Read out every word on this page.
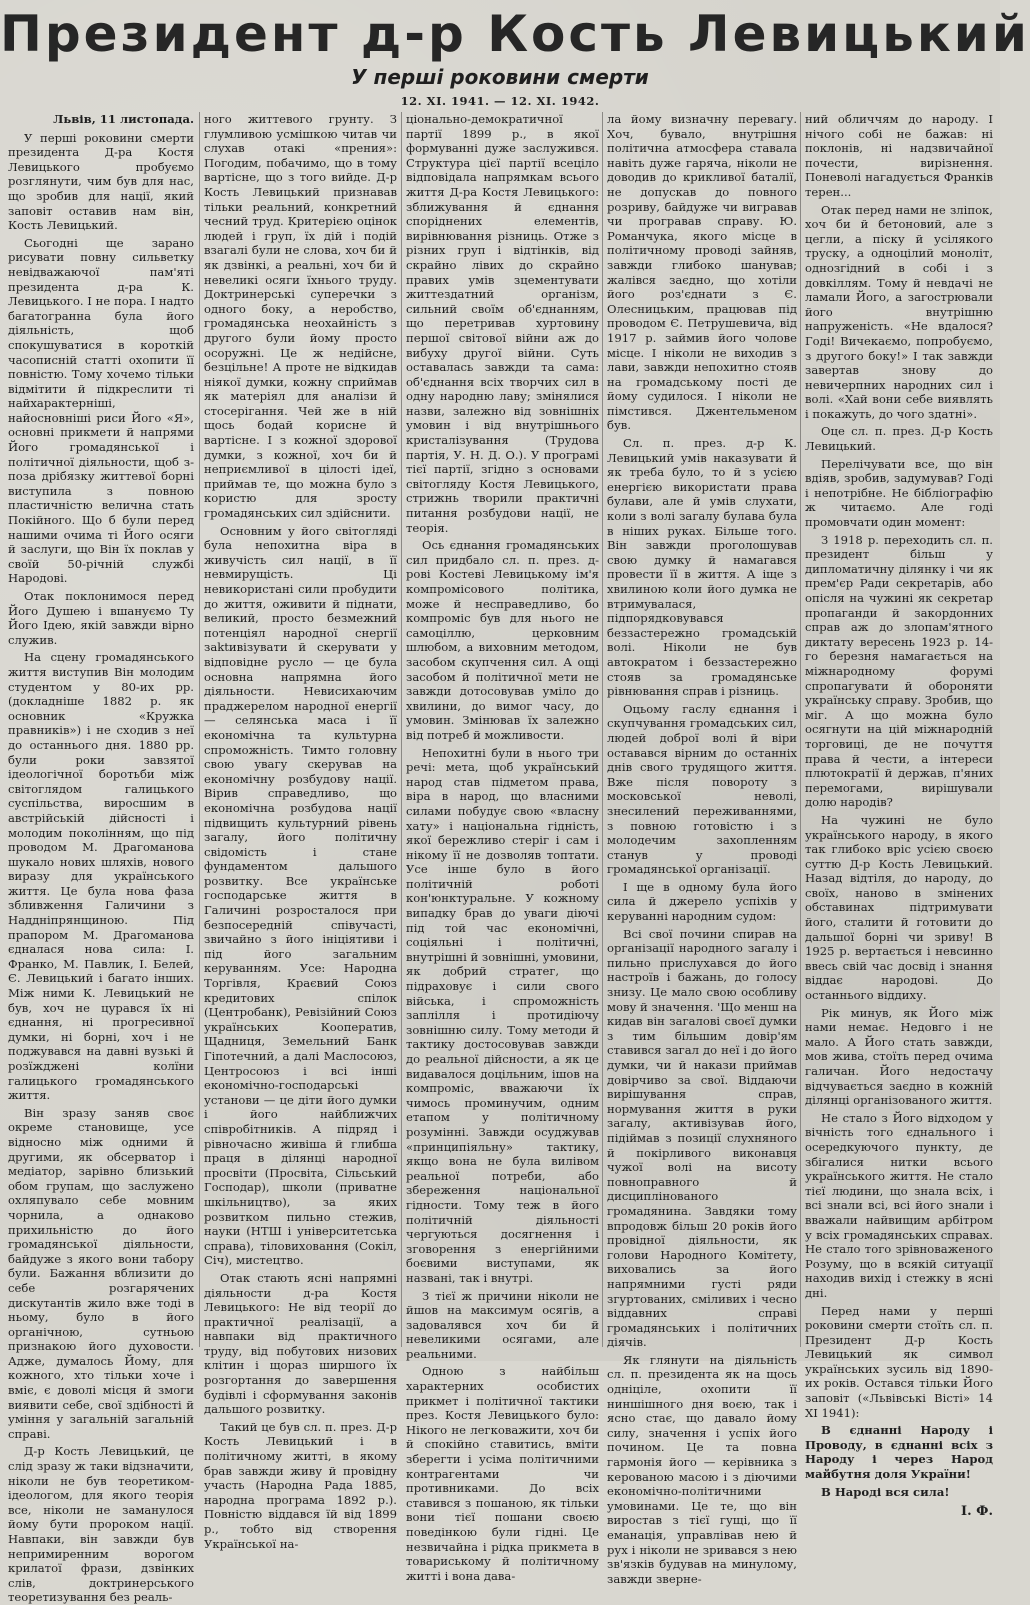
Президент д-р Кость Левицький
У перші роковини смерти
12. XI. 1941. — 12. XI. 1942.
Львів, 11 листопада.

У перші роковини смерти президента Д-ра Костя Левицького пробуємо розглянути, чим був для нас, що зробив для нації, який заповіт оставив нам він, Кость Левицький.

Сьогодні ще зарано рисувати повну сильветку невідважаючої пам'яті президента д-ра К. Левицького. І не пора. І надто багатогранна була його діяльність, щоб спокушуватися в короткій часописній статті охопити її повністю. Тому хочемо тільки відмітити й підкреслити ті найхарактерніші, найосновніші риси Його «Я», основні прикмети й напрями Його громадянської і політичної діяльности, щоб з-поза дрібязку життевої борні виступила з повною пластичністю велична стать Покійного. Що б були перед нашими очима ті Його осяги й заслуги, що Він їх поклав у своїй 50-річній службі Народові.

Отак поклонимося перед Його Душею і вшануємо Ту Його Ідею, якій завжди вірно служив.

На сцену громадянського життя виступив Він молодим студентом у 80-их рр. (докладніше 1882 р. як основник «Кружка правників») і не сходив з неї до останнього дня. 1880 рр. були роки завзятої ідеологічної боротьби між світоглядом галицького суспільства, виросшим в австрійській дійсності і молодим поколінням, що під проводом М. Драгоманова шукало нових шляхів, нового виразу для українського життя. Це була нова фаза збливження Галичини з Наддніпрянщиною. Під прапором М. Драгоманова єдналася нова сила: І. Франко, М. Павлик, І. Белей, Є. Левицький і багато інших. Між ними К. Левицький не був, хоч не цурався їх ні єднання, ні прогресивної думки, ні борні, хоч і не поджувався на давні вузькі й розїжджені колїни галицького громадянського життя.

Він зразу заняв своє окреме становище, усе відносно між одними й другими, як обсерватор і медіатор, зарівно близький обом групам, що заслужено охляпувало себе мовним чорнила, а однаково прихильністю до його громадянської діяльности, байдуже з якого вони табору були. Бажання вблизити до себе розгарячених дискутантів жило вже тоді в ньому, було в його органічною, сутньою признакою його духовости. Адже, думалось Йому, для кожного, хто тільки хоче і вміє, є доволі місця й змоги виявити себе, свої здібності й уміння у загальній загальній справі.

Д-р Кость Левицький, це слід зразу ж таки відзначити, ніколи не був теоретиком-ідеологом, для якого теорія все, ніколи не заманулося йому бути пророком нації. Навпаки, він завжди був непримиренним ворогом крилатої фрази, дзвінких слів, доктринерського теоретизування без реаль-

ного життевого грунту. З глумливою усмішкою читав чи слухав отакі «прения»: Погодим, побачимо, що в тому вартісне, що з того вийде. Д-р Кость Левицький признавав тільки реальний, конкретний чесний труд. Критерією оцінок людей і груп, їх дій і подій взагалі були не слова, хоч би й як дзвінкі, а реальні, хоч би й невеликі осяги їхнього труду. Доктринерські суперечки з одного боку, а неробство, громадянська неохайність з другого були йому просто осоружні. Це ж недійсне, безцільне! А проте не відкидав ніякої думки, кожну сприймав як матеріял для аналізи й стосерігання. Чей же в ній щось бодай корисне й вартісне. І з кожної здорової думки, з кожної, хоч би й неприємливої в цілості ідеї, приймав те, що можна було з користю для зросту громадянських сил здійснити.

Основним у його світогляді була непохитна віра в живучість сил нації, в її невмирущість. Ці невикористані сили пробудити до життя, оживити й піднати, великий, просто безмежний потенціял народної снергії заktивізувати й скерувати у відповідне русло — це була основна напрямна його діяльности. Невисихаючим праджерелом народної енергії — селянська маса і її економічна та культурна спроможність. Тимто головну свою увагу скерував на економічну розбудову нації. Вірив справедливо, що економічна розбудова нації підвищить культурний рівень загалу, його політичну свідомість і стане фундаментом дальшого розвитку. Все українське господарське життя в Галичині розросталося при безпосередній співучасті, звичайно з його ініціятиви і під його загальним керуванням. Усе: Народна Торгівля, Краєвий Союз кредитових спілок (Центробанк), Ревізійний Союз українських Кооператив, Щадниця, Земельний Банк Гіпотечний, а далі Маслосоюз, Центросоюз і всі інші економічно-господарські установи — це діти його думки і його найближчих співробітників. А підряд і рівночасно живіша й глибша праця в ділянці народної просвіти (Просвіта, Сільський Господар), школи (приватне шкільництво), за яких розвитком пильно стежив, науки (НТШ і університетська справа), тіловиховання (Сокіл, Січ), мистецтво.

Отак стають ясні напрямні діяльности д-ра Костя Левицького: Не від теорії до практичної реалізації, а навпаки від практичного труду, від побутових низових клітин і щораз ширшого їх розгортання до завершення будівлі і сформування законів дальшого розвитку.

Такий це був сл. п. през. Д-р Кость Левицький і в політичному житті, в якому брав завжди живу й провідну участь (Народна Рада 1885, народна програма 1892 р.). Повністю віддався їй від 1899 р., тобто від створення Української на-

ціонально-демократичної партії 1899 р., в якої формуванні дуже заслужився. Структура цієї партії всецілo відповідала напрямкам всього життя Д-ра Костя Левицького: зближування й єднання споріднених елементів, вирівнювання різниць. Отже з різних груп і відтінків, від скрайно лівих до скрайно правих умів зцементувати життездатний організм, сильний своїм об'єднанням, що перетривав хуртовину першої світової війни аж до вибуху другої війни. Суть оставалась завжди та сама: об'єднання всіх творчих сил в одну народню лаву; змінялися назви, залежно від зовнішніх умовин і від внутрішнього кристалізування (Трудова партія, У. Н. Д. О.). У програмі тієї партії, згідно з основами світогляду Костя Левицького, стрижнь творили практичні питання розбудови нації, не теорія.

Ось єднання громадянських сил придбало сл. п. през. д-рові Костеві Левицькому ім'я компромісового політика, може й несправедливо, бо компроміс був для нього не самоціллю, церковним шлюбом, а виховним методом, засобом скупчення сил. А ощі засобом й політичної мети не завжди дотосовував умілo до хвилини, до вимог часу, до умовин. Змінював їх залежно від потреб й можливости.

Непохитні були в нього три речі: мета, щоб український народ став підметом права, віра в народ, що власними силами побудує свою «власну хату» і національна гідність, якої бережливо стеріг і сам і нікому її не дозволяв топтати. Усе інше було в його політичній роботі кон'юнктуральне. У кожному випадку брав до уваги діючі під той час економічні, соціяльні і політичні, внутрішні й зовнішні, умовини, як добрий стратег, що підраховує і сили свого війська, і спроможність заплілля і протидіючу зовнішню силу. Тому методи й тактику достосовував завжди до реальної дійсности, а як це видавалося доцільним, ішов на компроміс, вважаючи їх чимось проминучим, одним етапом у політичному розумінні. Завжди осуджував «принципіяльну» тактику, якщо вона не була вилівом реальної потреби, або збереження національної гідности. Тому теж в його політичній діяльності чергуються досягнення і зговорення з енергійними боєвими виступами, як названі, так і внутрі.

З тієї ж причини ніколи не йшов на максимум осягів, а задовалявся хоч би й невеликими осягами, але реальними.

Одною з найбільш характерних особистих прикмет і політичної тактики през. Костя Левицького було: Нікого не легковажити, хоч би й спокійно ставитись, вміти зберегти і усіма політичними контрагентами чи противниками. До всіх ставився з пошаною, як тільки вони тієї пошани своєю поведінкою були гідні. Це незвичайна і рідка прикмета в товариському й політичному житті і вона дава-

ла йому визначну перевагу. Хоч, бувало, внутрішня політична атмосфера ставала навіть дуже гаряча, ніколи не доводив до крикливої баталії, не допускав до повного розриву, байдуже чи вигравав чи програвав справу. Ю. Романчука, якого місце в політичному проводі зайняв, завжди глибоко шанував; жалівся заєдно, що хотіли його роз'єднати з Є. Олесницьким, працював під проводом Є. Петрушевича, від 1917 р. займив його чолове місце. І ніколи не виходив з лави, завжди непохитно стояв на громадському пості де йому судилося. І ніколи не пімстився. Джентельменом був.

Сл. п. през. д-р К. Левицький умів наказувати й як треба було, то й з усією енергією використати права булави, але й умів слухати, коли з волі загалу булава була в ніших руках. Більше того. Він завжди проголошував свою думку й намагався провести її в життя. А іще з хвилиною коли його думка не втримувалася, підпорядковувався беззастережно громадській волі. Ніколи не був автократом і беззастережно стояв за громадянське рівнювання справ і різниць.

Оцьому гаслу єднання і скупчування громадських сил, людей доброї волі й віри оставався вірним до останніх днів свого трудящого життя. Вже після поворотy з московської неволі, знесилений переживаннями, з повною готовістю і з молодечим захопленням станув у проводі громадянської організації.

І ще в одному була його сила й джерело успіхів у керуванні народним судом:

Всі свої почини спирав на організації народного загалу і пильно прислухався до його настроїв і бажань, до голосу знизу. Це мало свою особливу мову й значення. 'Що менш на кидав він загалові своєї думки з тим більшим довір'ям ставився загал до неї і до його думки, чи й накази приймав довірчиво за свої. Віддаючи вирішування справ, нормування життя в руки загалу, активізував його, підіймав з позиції слухняного й покірливого виконавця чужої волі на висоту повноправного й дисциплінованого громадянина. Завдяки тому впродовж більш 20 років його провідної діяльности, як голови Народного Комітету, виховались за його напрямними густі ряди згуртованих, сміливих і чесно віддавних справі громадянських і політичних діячів.

Як глянути на діяльність сл. п. президента як на щось одніцілe, охопити її ниншішного дня воєю, так і ясно стає, що давало йому силу, значення і успіх його почином. Це та повна гармонія його — керівника з керованою масою і з діючими економічно-політичними умовинами. Це те, що він виростав з тієї гущі, що її еманація, управлівав нею й рух і ніколи не зривався з нею зв'язків будував на минулому, завжди зверне-

ний обличчям до народу. І нічого собі не бажав: ні поклонів, ні надзвичайної почести, вирізнення. Поневолі нагадується Франків терен...

Отак перед нами не зліпок, хоч би й бетоновий, але з цегли, а піску й усілякого труску, а одноцілий моноліт, однозгідний в собі і з довкіллям. Тому й невдачі не ламали Його, а загострювали його внутрішню напруженість. «Не вдалося? Годі! Вичекаємо, попробуємо, з другого боку!» І так завжди завертав знову до невичерпних народних сил і волі. «Хай вони себе виявлять і покажуть, до чого здатні».

Оце сл. п. през. Д-р Кость Левицький.

Перелічувати все, що він вдіяв, зробив, задумував? Годі і непотрібне. Не бібліографію ж читаємо. Але годі промовчати один момент:

З 1918 р. переходить сл. п. президент більш у дипломатичну ділянку і чи як прем'єр Ради секретарів, або опісля на чужині як секретар пропаганди й закордонних справ аж до злопам'ятного диктату вересень 1923 р. 14-го березня намагається на міжнародному форумі спропагувати й обороняти українську справу. Зробив, що міг. А що можна було осягнути на цій міжнародній торговиці, де не почуття права й чести, а інтереси плютократії й держав, п'яних перемогами, вирішували долю народів?

На чужині не було українського народу, в якого так глибоко вріс усією своєю суттю Д-р Кость Левицький. Назад відтіля, до народу, до своїх, наново в змінених обставинах підтримувати його, сталити й готовити до дальшої борні чи зриву! В 1925 р. вертається і невсинно ввесь свій час досвід і знання віддає народові. До останнього віддиху.

Рік минув, як Його між нами немає. Недовго і не мало. А Його стать завжди, мов жива, стоїть перед очима галичан. Його недостачу відчувається заєдно в кожній ділянці організованого життя.

Не стало з Його відходом у вічність того єднального і осередкуючого пункту, де збігалися нитки всього українського життя. Не стало тієї людини, що знала всіх, і всі знали всі, всі його знали і вважали найвищим арбітром у всіх громадянських справах. Не стало того зрівноваженого Розуму, що в всякій ситуації находив вихід і стежку в ясні дні.

Перед нами у перші роковини смерти стоїть сл. п. Президент Д-р Кость Левицький як символ українських зусиль від 1890-их років. Остався тільки Його заповіт («Львівські Вісті» 14 XI 1941):

В єднанні Народу і Проводу, в єднанні всіх з Народу і через Народ майбутня доля України!

В Народі вся сила!

І. Ф.
